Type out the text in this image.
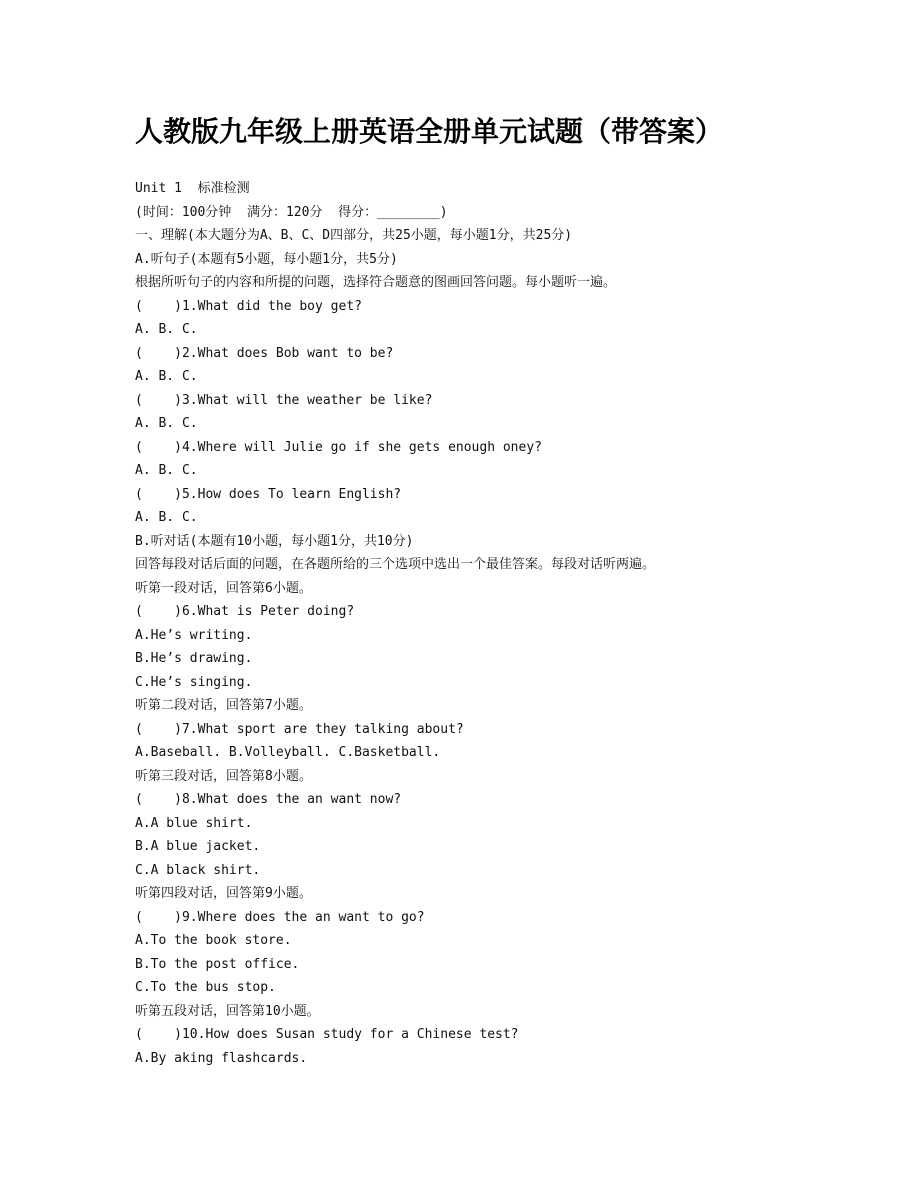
人教版九年级上册英语全册单元试题（带答案）
Unit 1  标准检测
(时间：100分钟  满分：120分  得分：________)
一、理解(本大题分为A、B、C、D四部分，共25小题，每小题1分，共25分)
A.听句子(本题有5小题，每小题1分，共5分)
根据所听句子的内容和所提的问题，选择符合题意的图画回答问题。每小题听一遍。
(    )1.What did the boy get?
A. B. C.
(    )2.What does Bob want to be?
A. B. C.
(    )3.What will the weather be like?
A. B. C.
(    )4.Where will Julie go if she gets enough oney?
A. B. C.
(    )5.How does To learn English?
A. B. C.
B.听对话(本题有10小题，每小题1分，共10分)
回答每段对话后面的问题，在各题所给的三个选项中选出一个最佳答案。每段对话听两遍。
听第一段对话，回答第6小题。
(    )6.What is Peter doing?
A.He’s writing.
B.He’s drawing.
C.He’s singing.
听第二段对话，回答第7小题。
(    )7.What sport are they talking about?
A.Baseball. B.Volleyball. C.Basketball.
听第三段对话，回答第8小题。
(    )8.What does the an want now?
A.A blue shirt.
B.A blue jacket.
C.A black shirt.
听第四段对话，回答第9小题。
(    )9.Where does the an want to go?
A.To the book store.
B.To the post office.
C.To the bus stop.
听第五段对话，回答第10小题。
(    )10.How does Susan study for a Chinese test?
A.By aking flashcards.
